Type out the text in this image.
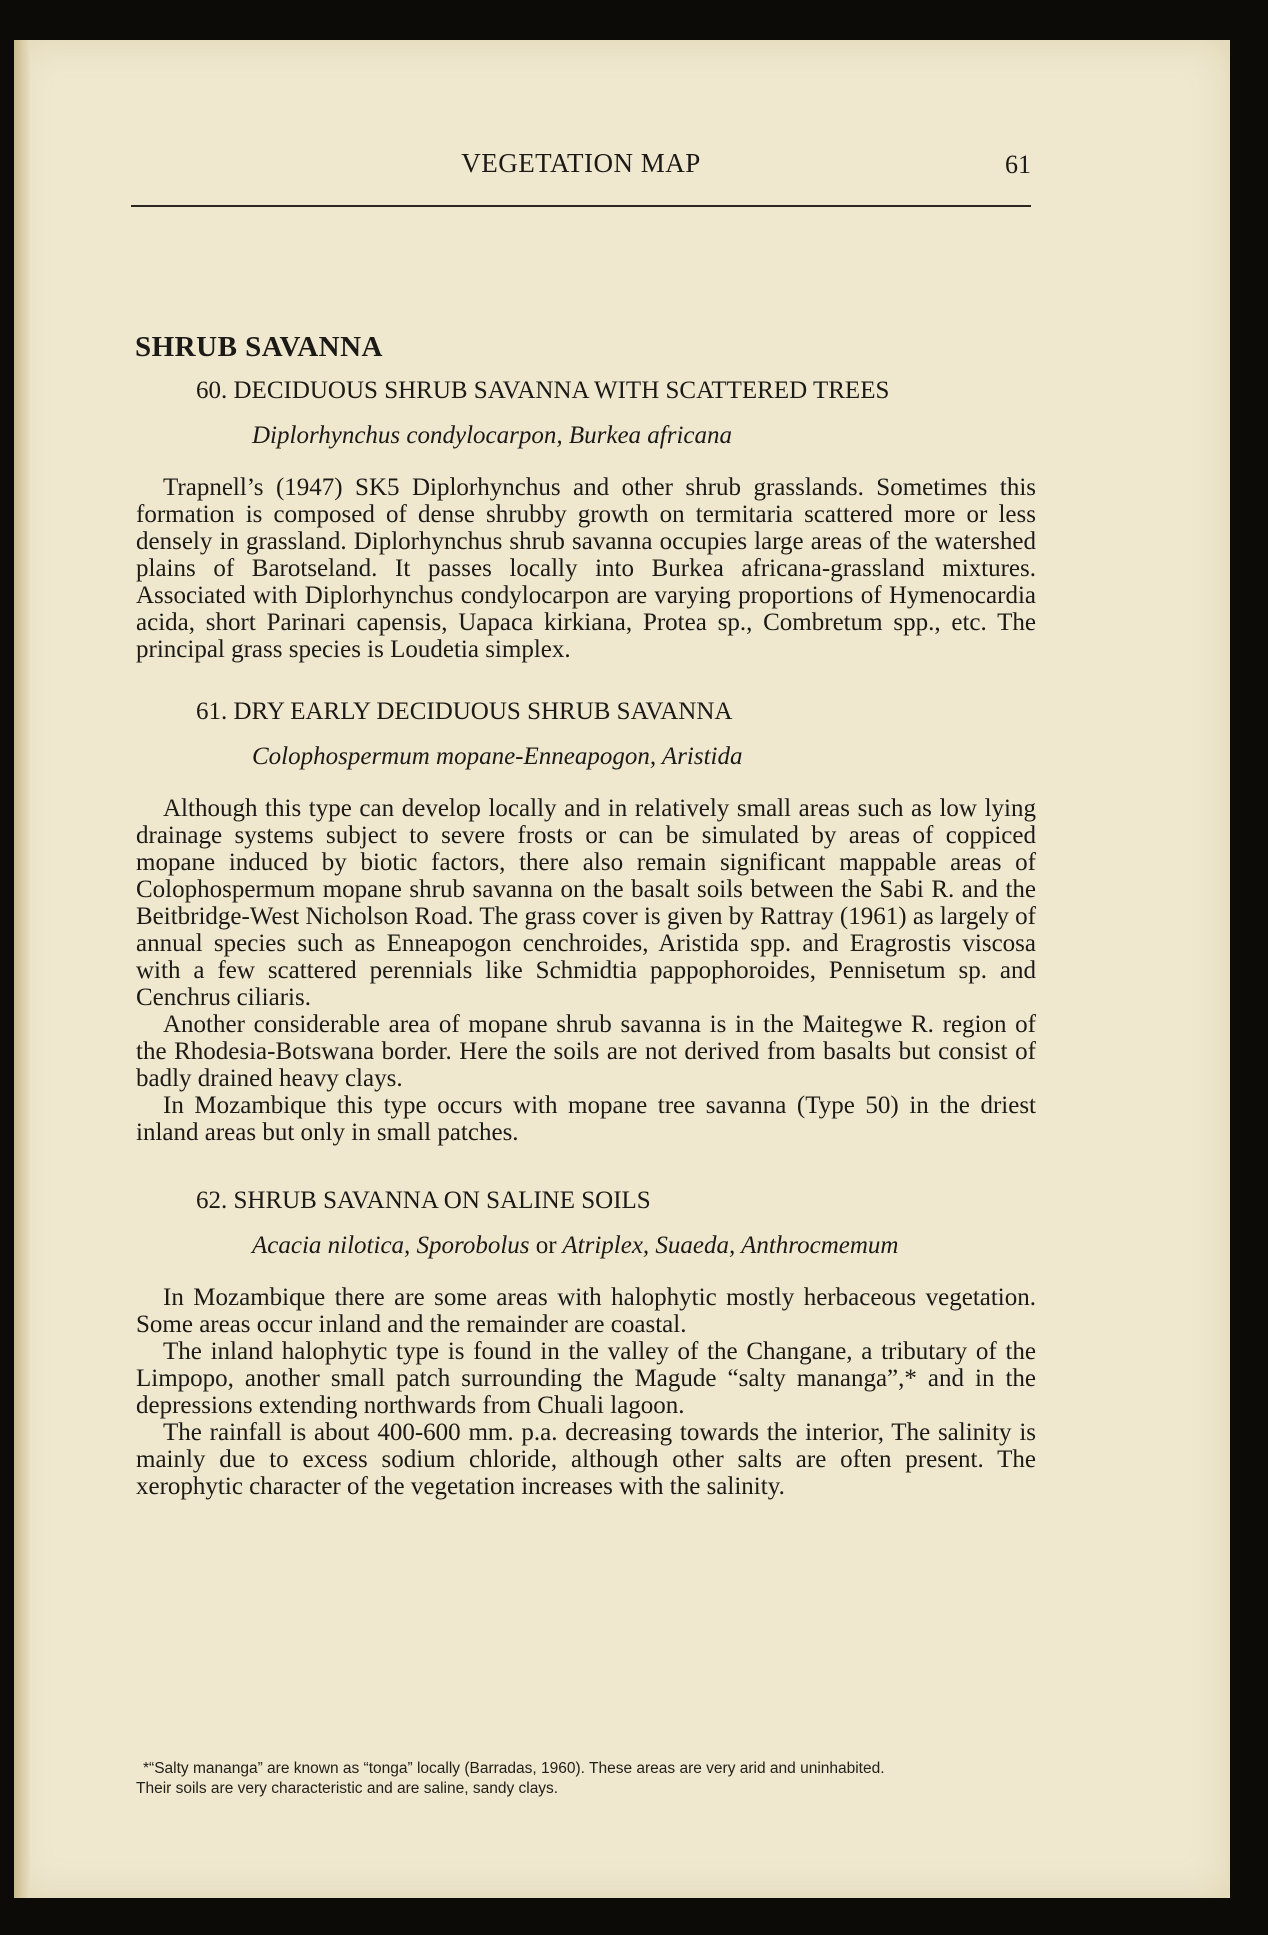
VEGETATION MAP	61
SHRUB SAVANNA
60. DECIDUOUS SHRUB SAVANNA WITH SCATTERED TREES
Diplorhynchus condylocarpon, Burkea africana

Trapnell’s (1947) SK5 Diplorhynchus and other shrub grasslands. Sometimes this formation is composed of dense shrubby growth on termitaria scattered more or less densely in grassland. Diplorhynchus shrub savanna occupies large areas of the watershed plains of Barotseland. It passes locally into Burkea africana-grassland mixtures. Associated with Diplorhynchus condylocarpon are varying proportions of Hymenocardia acida, short Parinari capensis, Uapaca kirkiana, Protea sp., Combretum spp., etc. The principal grass species is Loudetia simplex.

61. DRY EARLY DECIDUOUS SHRUB SAVANNA
Colophospermum mopane-Enneapogon, Aristida

Although this type can develop locally and in relatively small areas such as low lying drainage systems subject to severe frosts or can be simulated by areas of coppiced mopane induced by biotic factors, there also remain significant mappable areas of Colophospermum mopane shrub savanna on the basalt soils between the Sabi R. and the Beitbridge-West Nicholson Road. The grass cover is given by Rattray (1961) as largely of annual species such as Enneapogon cenchroides, Aristida spp. and Eragrostis viscosa with a few scattered perennials like Schmidtia pappophoroides, Pennisetum sp. and Cenchrus ciliaris.

Another considerable area of mopane shrub savanna is in the Maitegwe R. region of the Rhodesia-Botswana border. Here the soils are not derived from basalts but consist of badly drained heavy clays.

In Mozambique this type occurs with mopane tree savanna (Type 50) in the driest inland areas but only in small patches.

62. SHRUB SAVANNA ON SALINE SOILS
Acacia nilotica, Sporobolus or Atriplex, Suaeda, Anthrocmemum

In Mozambique there are some areas with halophytic mostly herbaceous vegetation. Some areas occur inland and the remainder are coastal.

The inland halophytic type is found in the valley of the Changane, a tributary of the Limpopo, another small patch surrounding the Magude “salty mananga”,* and in the depressions extending northwards from Chuali lagoon.

The rainfall is about 400-600 mm. p.a. decreasing towards the interior, The salinity is mainly due to excess sodium chloride, although other salts are often present. The xerophytic character of the vegetation increases with the salinity.

*“Salty mananga” are known as “tonga” locally (Barradas, 1960). These areas are very arid and uninhabited.
Their soils are very characteristic and are saline, sandy clays.
